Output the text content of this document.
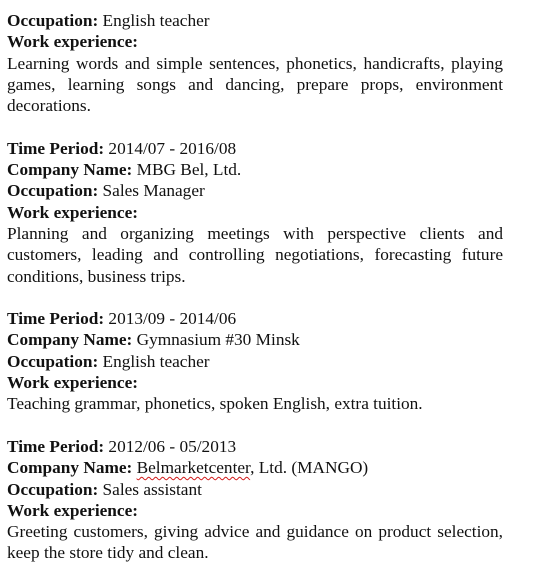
Occupation: English teacher

Work experience:

Learning words and simple sentences, phonetics, handicrafts, playing games, learning songs and dancing, prepare props, environment decorations.

Time Period: 2014/07 - 2016/08

Company Name: MBG Bel, Ltd.

Occupation: Sales Manager

Work experience:

Planning and organizing meetings with perspective clients and customers, leading and controlling negotiations, forecasting future conditions, business trips.

Time Period: 2013/09 - 2014/06

Company Name: Gymnasium #30 Minsk

Occupation: English teacher

Work experience:

Teaching grammar, phonetics, spoken English, extra tuition.

Time Period: 2012/06 - 05/2013

Company Name: Belmarketcenter, Ltd. (MANGO)

Occupation: Sales assistant

Work experience:

Greeting customers, giving advice and guidance on product selection, keep the store tidy and clean.
